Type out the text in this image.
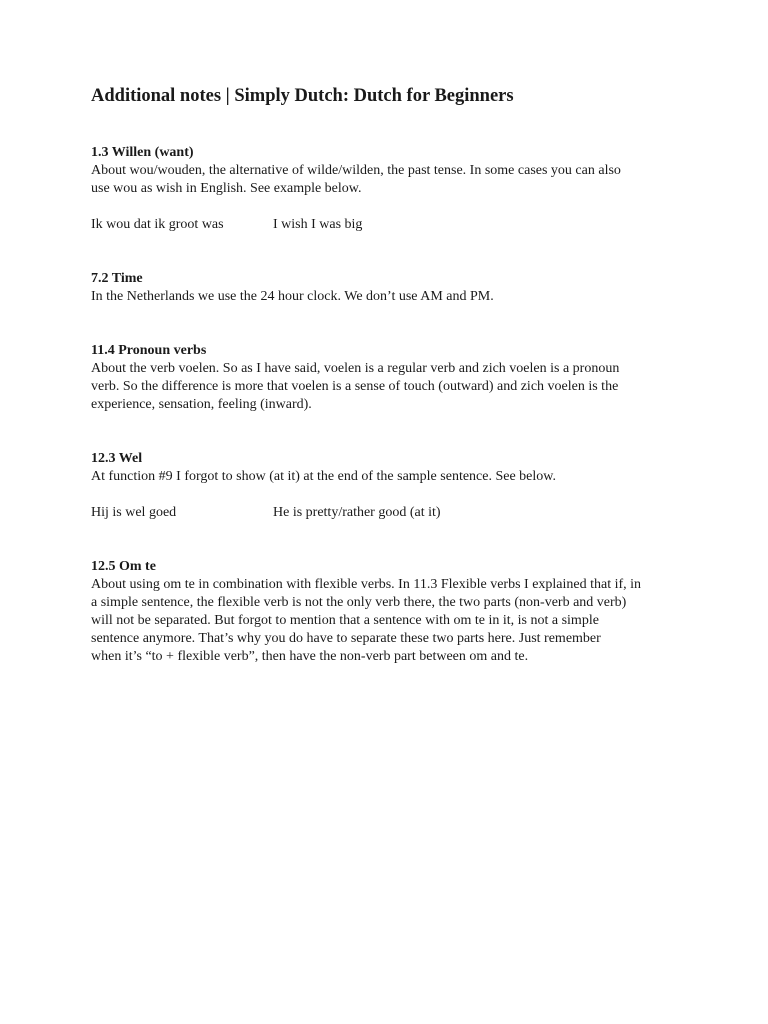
Additional notes | Simply Dutch: Dutch for Beginners
1.3 Willen (want)
About wou/wouden, the alternative of wilde/wilden, the past tense. In some cases you can also
use wou as wish in English. See example below.
Ik wou dat ik groot was	I wish I was big
7.2 Time
In the Netherlands we use the 24 hour clock. We don’t use AM and PM.
11.4 Pronoun verbs
About the verb voelen. So as I have said, voelen is a regular verb and zich voelen is a pronoun
verb. So the difference is more that voelen is a sense of touch (outward) and zich voelen is the
experience, sensation, feeling (inward).
12.3 Wel
At function #9 I forgot to show (at it) at the end of the sample sentence. See below.
Hij is wel goed	He is pretty/rather good (at it)
12.5 Om te
About using om te in combination with flexible verbs. In 11.3 Flexible verbs I explained that if, in
a simple sentence, the flexible verb is not the only verb there, the two parts (non-verb and verb)
will not be separated. But forgot to mention that a sentence with om te in it, is not a simple
sentence anymore. That’s why you do have to separate these two parts here. Just remember
when it’s “to + flexible verb”, then have the non-verb part between om and te.
